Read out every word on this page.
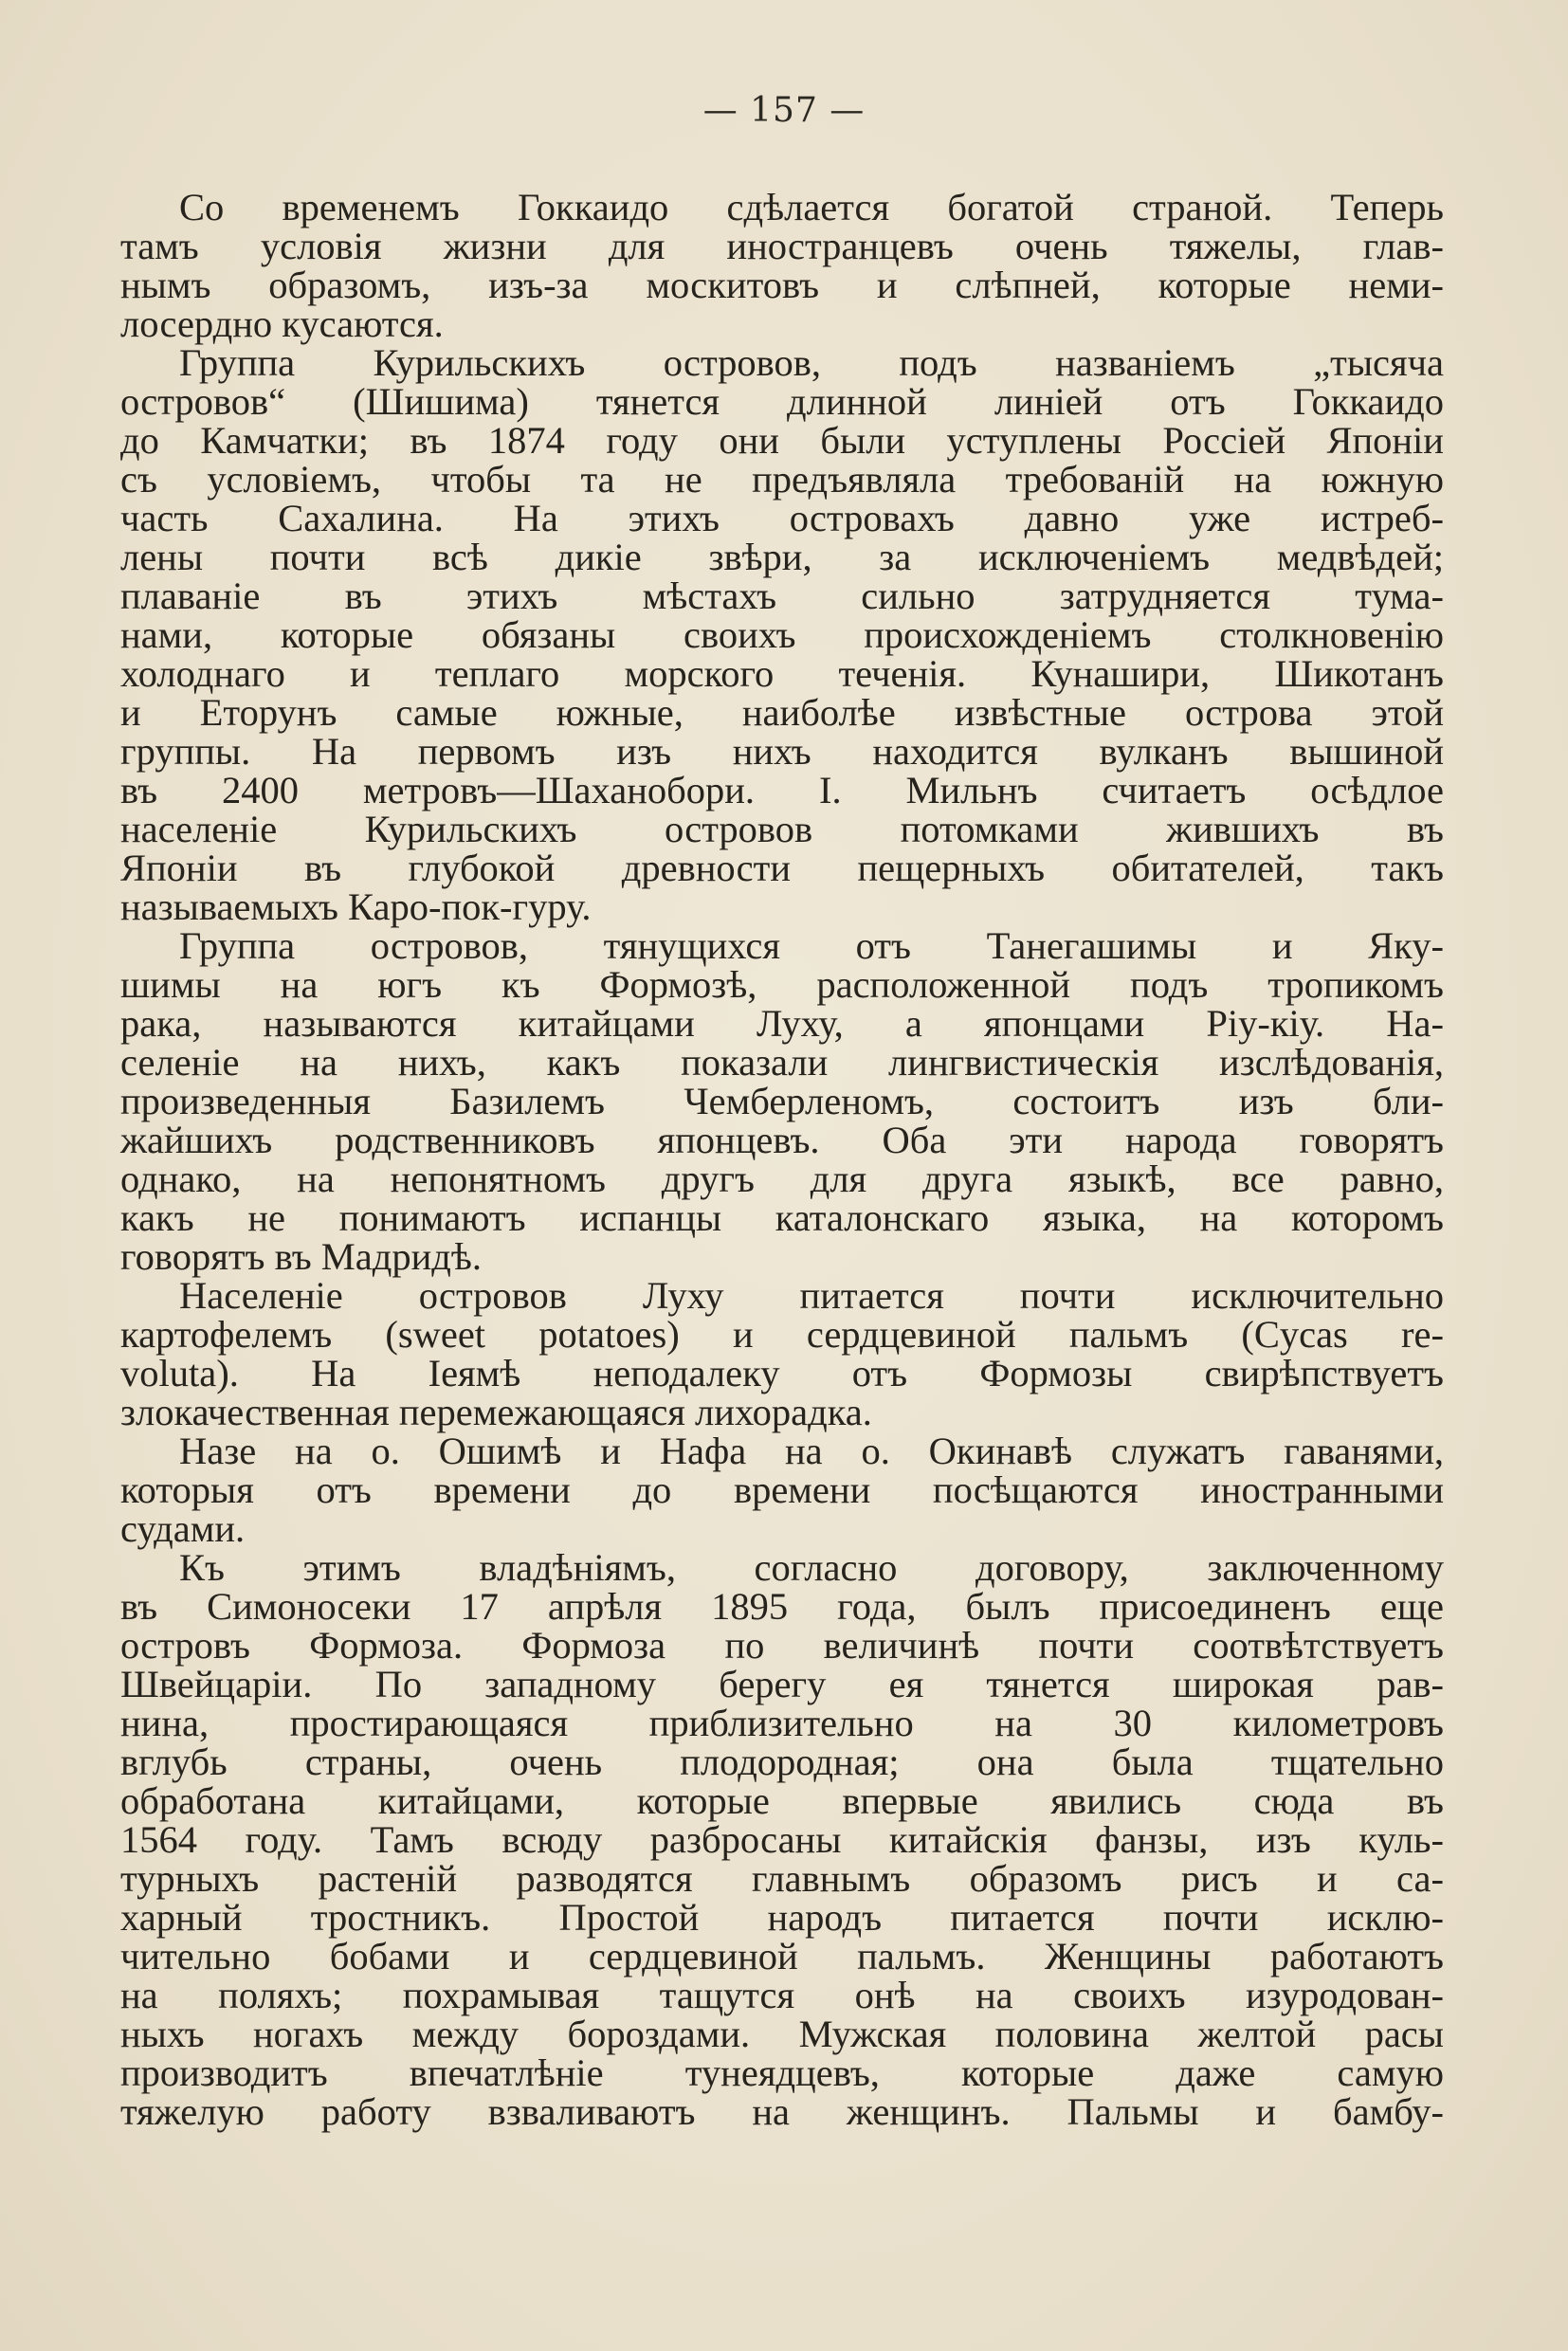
— 157 —
Со временемъ Гоккаидо сдѣлается богатой страной. Теперь
тамъ условія жизни для иностранцевъ очень тяжелы, глав-
нымъ образомъ, изъ-за москитовъ и слѣпней, которые неми-
лосердно кусаются.
Группа Курильскихъ островов, подъ названіемъ „тысяча
островов“ (Шишима) тянется длинной линіей отъ Гоккаидо
до Камчатки; въ 1874 году они были уступлены Россіей Японіи
съ условіемъ, чтобы та не предъявляла требованій на южную
часть Сахалина. На этихъ островахъ давно уже истреб-
лены почти всѣ дикіе звѣри, за исключеніемъ медвѣдей;
плаваніе въ этихъ мѣстахъ сильно затрудняется тума-
нами, которые обязаны своихъ происхожденіемъ столкновенію
холоднаго и теплаго морского теченія. Кунашири, Шикотанъ
и Еторунъ самые южные, наиболѣе извѣстные острова этой
группы. На первомъ изъ нихъ находится вулканъ вышиной
въ 2400 метровъ—Шаханобори. I. Мильнъ считаетъ осѣдлое
населеніе Курильскихъ островов потомками жившихъ въ
Японіи въ глубокой древности пещерныхъ обитателей, такъ
называемыхъ Каро-пок-гуру.
Группа островов, тянущихся отъ Танегашимы и Яку-
шимы на югъ къ Формозѣ, расположенной подъ тропикомъ
рака, называются китайцами Луху, а японцами Ріу-кіу. На-
селеніе на нихъ, какъ показали лингвистическія изслѣдованія,
произведенныя Базилемъ Чемберленомъ, состоитъ изъ бли-
жайшихъ родственниковъ японцевъ. Оба эти народа говорятъ
однако, на непонятномъ другъ для друга языкѣ, все равно,
какъ не понимаютъ испанцы каталонскаго языка, на которомъ
говорятъ въ Мадридѣ.
Населеніе островов Луху питается почти исключительно
картофелемъ (sweet potatoes) и сердцевиной пальмъ (Cycas re-
voluta). На Іеямѣ неподалеку отъ Формозы свирѣпствуетъ
злокачественная перемежающаяся лихорадка.
Назе на о. Ошимѣ и Нафа на о. Окинавѣ служатъ гаванями,
которыя отъ времени до времени посѣщаются иностранными
судами.
Къ этимъ владѣніямъ, согласно договору, заключенному
въ Симоносеки 17 апрѣля 1895 года, былъ присоединенъ еще
островъ Формоза. Формоза по величинѣ почти соотвѣтствуетъ
Швейцаріи. По западному берегу ея тянется широкая рав-
нина, простирающаяся приблизительно на 30 километровъ
вглубь страны, очень плодородная; она была тщательно
обработана китайцами, которые впервые явились сюда въ
1564 году. Тамъ всюду разбросаны китайскія фанзы, изъ куль-
турныхъ растеній разводятся главнымъ образомъ рисъ и са-
харный тростникъ. Простой народъ питается почти исклю-
чительно бобами и сердцевиной пальмъ. Женщины работаютъ
на поляхъ; похрамывая тащутся онѣ на своихъ изуродован-
ныхъ ногахъ между бороздами. Мужская половина желтой расы
производитъ впечатлѣніе тунеядцевъ, которые даже самую
тяжелую работу взваливаютъ на женщинъ. Пальмы и бамбу-
